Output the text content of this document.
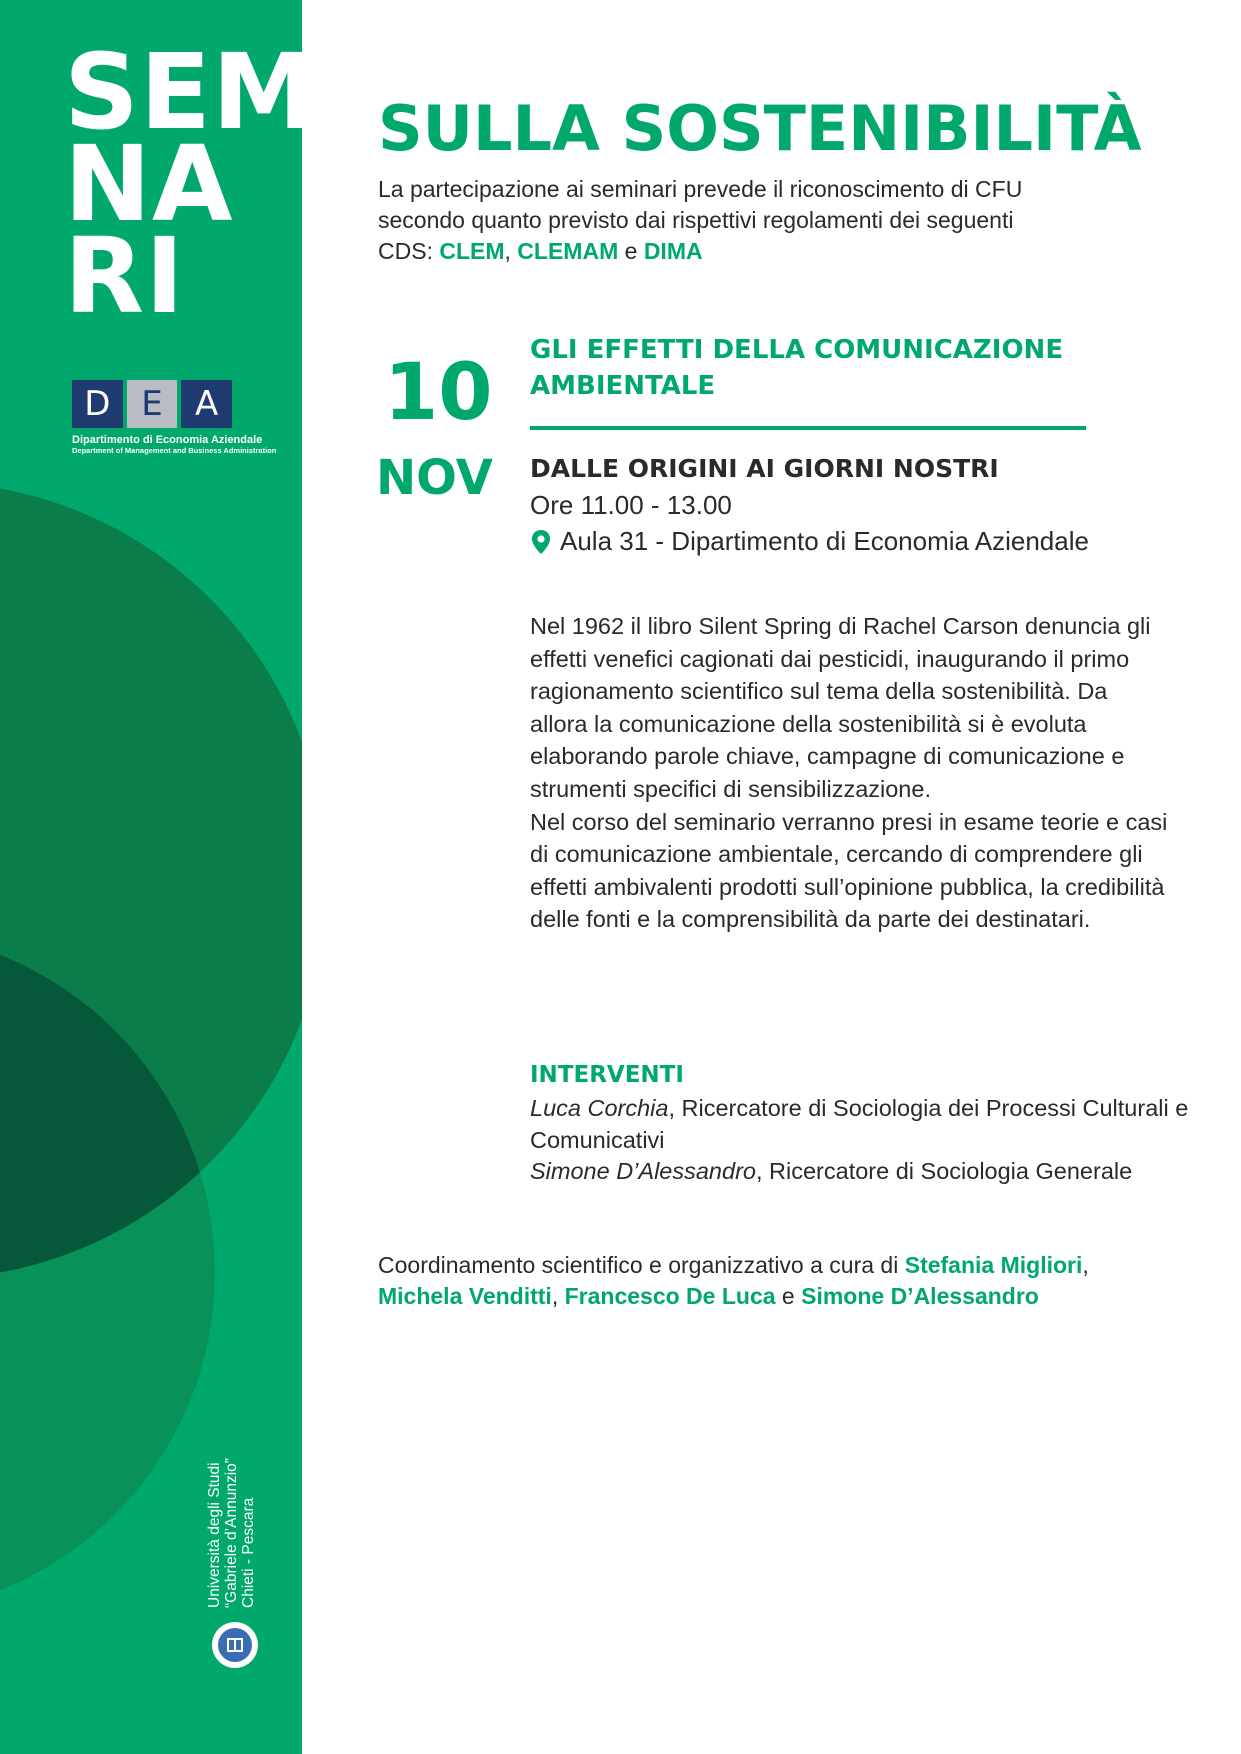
D E A
Dipartimento di Economia Aziendale
Department of Management and Business Administration
Università degli Studi “Gabriele d’Annunzio” Chieti - Pescara
SEMI
NA
RI
SULLA SOSTENIBILITÀ
La partecipazione ai seminari prevede il riconoscimento di CFU secondo quanto previsto dai rispettivi regolamenti dei seguenti
CDS: CLEM, CLEMAM e DIMA
10
NOV
GLI EFFETTI DELLA COMUNICAZIONE AMBIENTALE
DALLE ORIGINI AI GIORNI NOSTRI
Ore 11.00 - 13.00
Aula 31 - Dipartimento di Economia Aziendale

Nel 1962 il libro Silent Spring di Rachel Carson denuncia gli effetti venefici cagionati dai pesticidi, inaugurando il primo ragionamento scientifico sul tema della sostenibilità. Da allora la comunicazione della sostenibilità si è evoluta elaborando parole chiave, campagne di comunicazione e strumenti specifici di sensibilizzazione.

Nel corso del seminario verranno presi in esame teorie e casi di comunicazione ambientale, cercando di comprendere gli effetti ambivalenti prodotti sull’opinione pubblica, la credibilità delle fonti e la comprensibilità da parte dei destinatari.

INTERVENTI
Luca Corchia, Ricercatore di Sociologia dei Processi Culturali e Comunicativi
Simone D’Alessandro, Ricercatore di Sociologia Generale
Coordinamento scientifico e organizzativo a cura di Stefania Migliori,
Michela Venditti, Francesco De Luca e Simone D’Alessandro
